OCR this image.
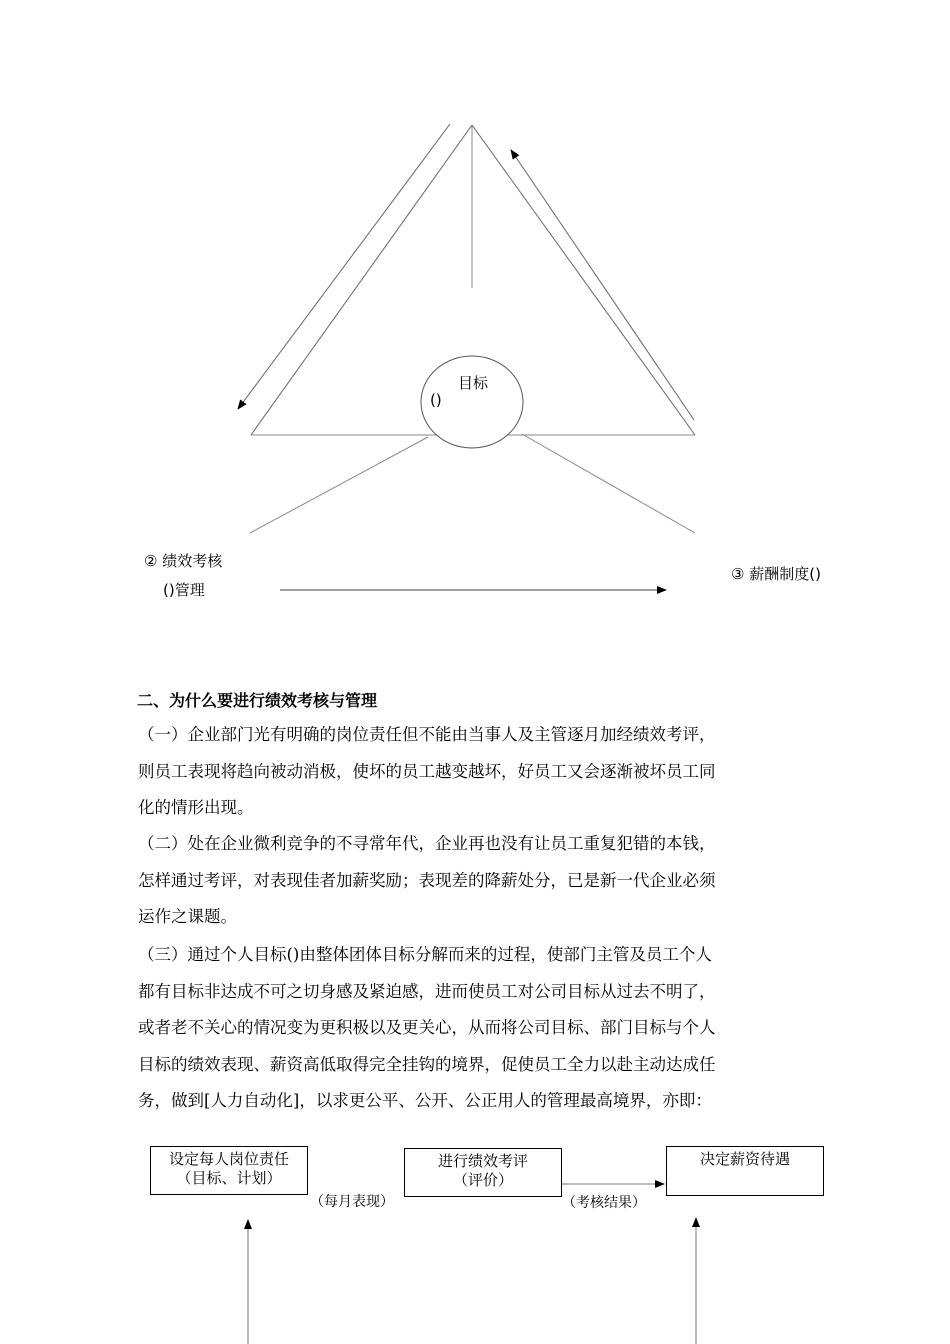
目标
()
② 绩效考核
()管理
③ 薪酬制度()
二、为什么要进行绩效考核与管理

（一）企业部门光有明确的岗位责任但不能由当事人及主管逐月加经绩效考评，
则员工表现将趋向被动消极，使坏的员工越变越坏，好员工又会逐渐被坏员工同
化的情形出现。

（二）处在企业微利竞争的不寻常年代，企业再也没有让员工重复犯错的本钱，
怎样通过考评，对表现佳者加薪奖励；表现差的降薪处分，已是新一代企业必须
运作之课题。

（三）通过个人目标()由整体团体目标分解而来的过程，使部门主管及员工个人
都有目标非达成不可之切身感及紧迫感，进而使员工对公司目标从过去不明了，
或者老不关心的情况变为更积极以及更关心，从而将公司目标、部门目标与个人
目标的绩效表现、薪资高低取得完全挂钩的境界，促使员工全力以赴主动达成任
务，做到[人力自动化]，以求更公平、公开、公正用人的管理最高境界，亦即：

设定每人岗位责任
（目标、计划）
进行绩效考评
（评价）
决定薪资待遇
（每月表现）	（考核结果）
